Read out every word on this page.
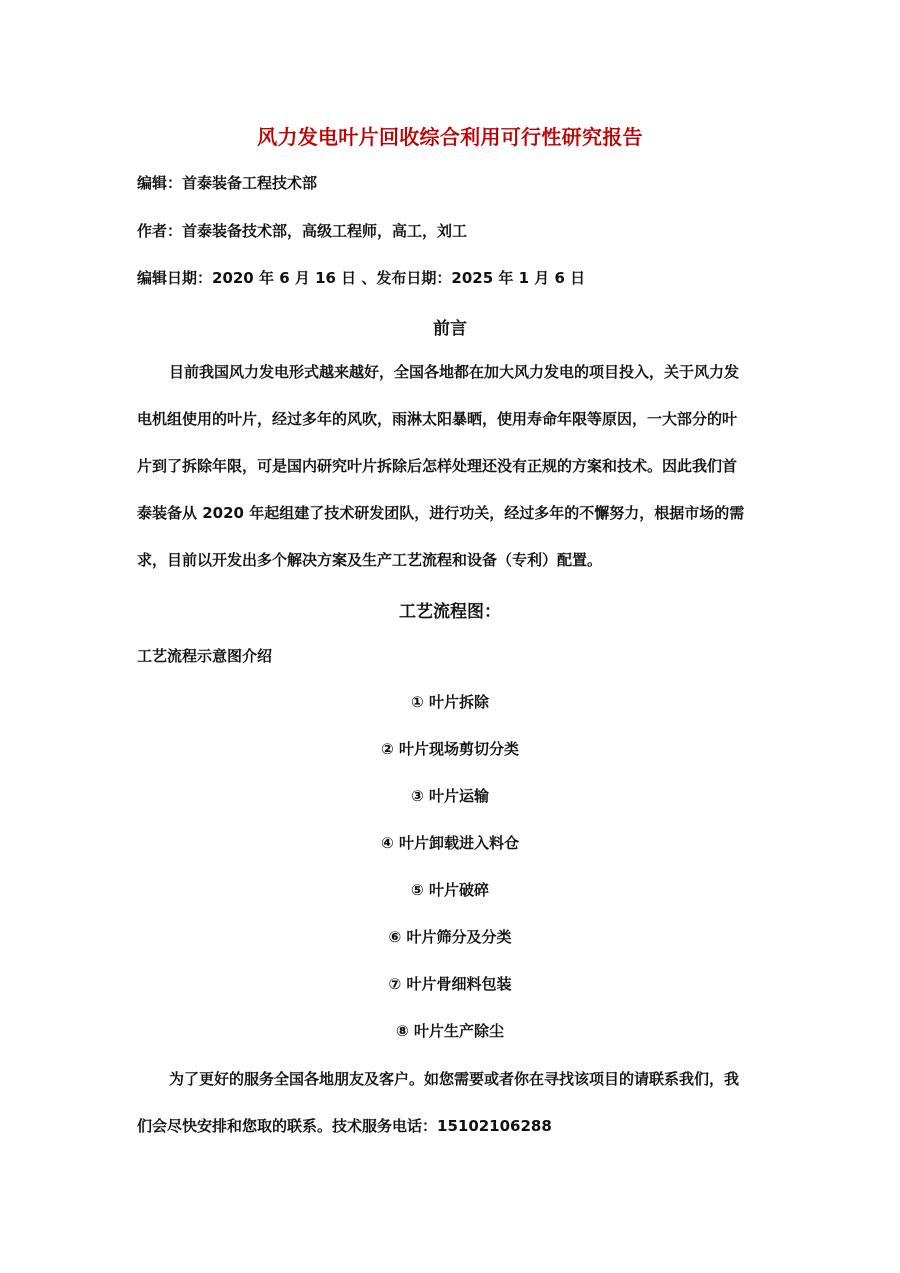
风力发电叶片回收综合利用可行性研究报告
编辑：首泰装备工程技术部
作者：首泰装备技术部，高级工程师，高工，刘工
编辑日期：2020 年 6 月 16 日 、发布日期：2025 年 1 月 6 日
前言
目前我国风力发电形式越来越好，全国各地都在加大风力发电的项目投入，关于风力发
电机组使用的叶片，经过多年的风吹，雨淋太阳暴晒，使用寿命年限等原因，一大部分的叶
片到了拆除年限，可是国内研究叶片拆除后怎样处理还没有正规的方案和技术。因此我们首
泰装备从 2020 年起组建了技术研发团队，进行功关，经过多年的不懈努力，根据市场的需
求，目前以开发出多个解决方案及生产工艺流程和设备（专利）配置。
工艺流程图：
工艺流程示意图介绍
① 叶片拆除
② 叶片现场剪切分类
③ 叶片运输
④ 叶片卸载进入料仓
⑤ 叶片破碎
⑥ 叶片筛分及分类
⑦ 叶片骨细料包装
⑧ 叶片生产除尘
为了更好的服务全国各地朋友及客户。如您需要或者你在寻找该项目的请联系我们，我
们会尽快安排和您取的联系。技术服务电话：15102106288
